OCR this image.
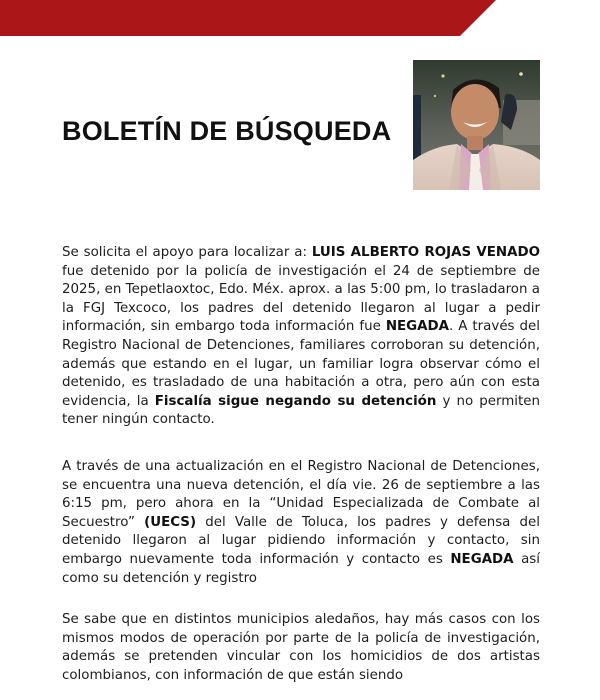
BOLETÍN DE BÚSQUEDA

Se solicita el apoyo para localizar a: LUIS ALBERTO ROJAS VENADO fue detenido por la policía de investigación el 24 de septiembre de 2025, en Tepetlaoxtoc, Edo. Méx. aprox. a las 5:00 pm, lo trasladaron a la FGJ Texcoco, los padres del detenido llegaron al lugar a pedir información, sin embargo toda información fue NEGADA. A través del Registro Nacional de Detenciones, familiares corroboran su detención, además que estando en el lugar, un familiar logra observar cómo el detenido, es trasladado de una habitación a otra, pero aún con esta evidencia, la Fiscalía sigue negando su detención y no permiten tener ningún contacto.

A través de una actualización en el Registro Nacional de Detenciones, se encuentra una nueva detención, el día vie. 26 de septiembre a las 6:15 pm, pero ahora en la “Unidad Especializada de Combate al Secuestro” (UECS) del Valle de Toluca, los padres y defensa del detenido llegaron al lugar pidiendo información y contacto, sin embargo nuevamente toda información y contacto es NEGADA así como su detención y registro

Se sabe que en distintos municipios aledaños, hay más casos con los mismos modos de operación por parte de la policía de investigación, además se pretenden vincular con los homicidios de dos artistas colombianos, con información de que están siendo
